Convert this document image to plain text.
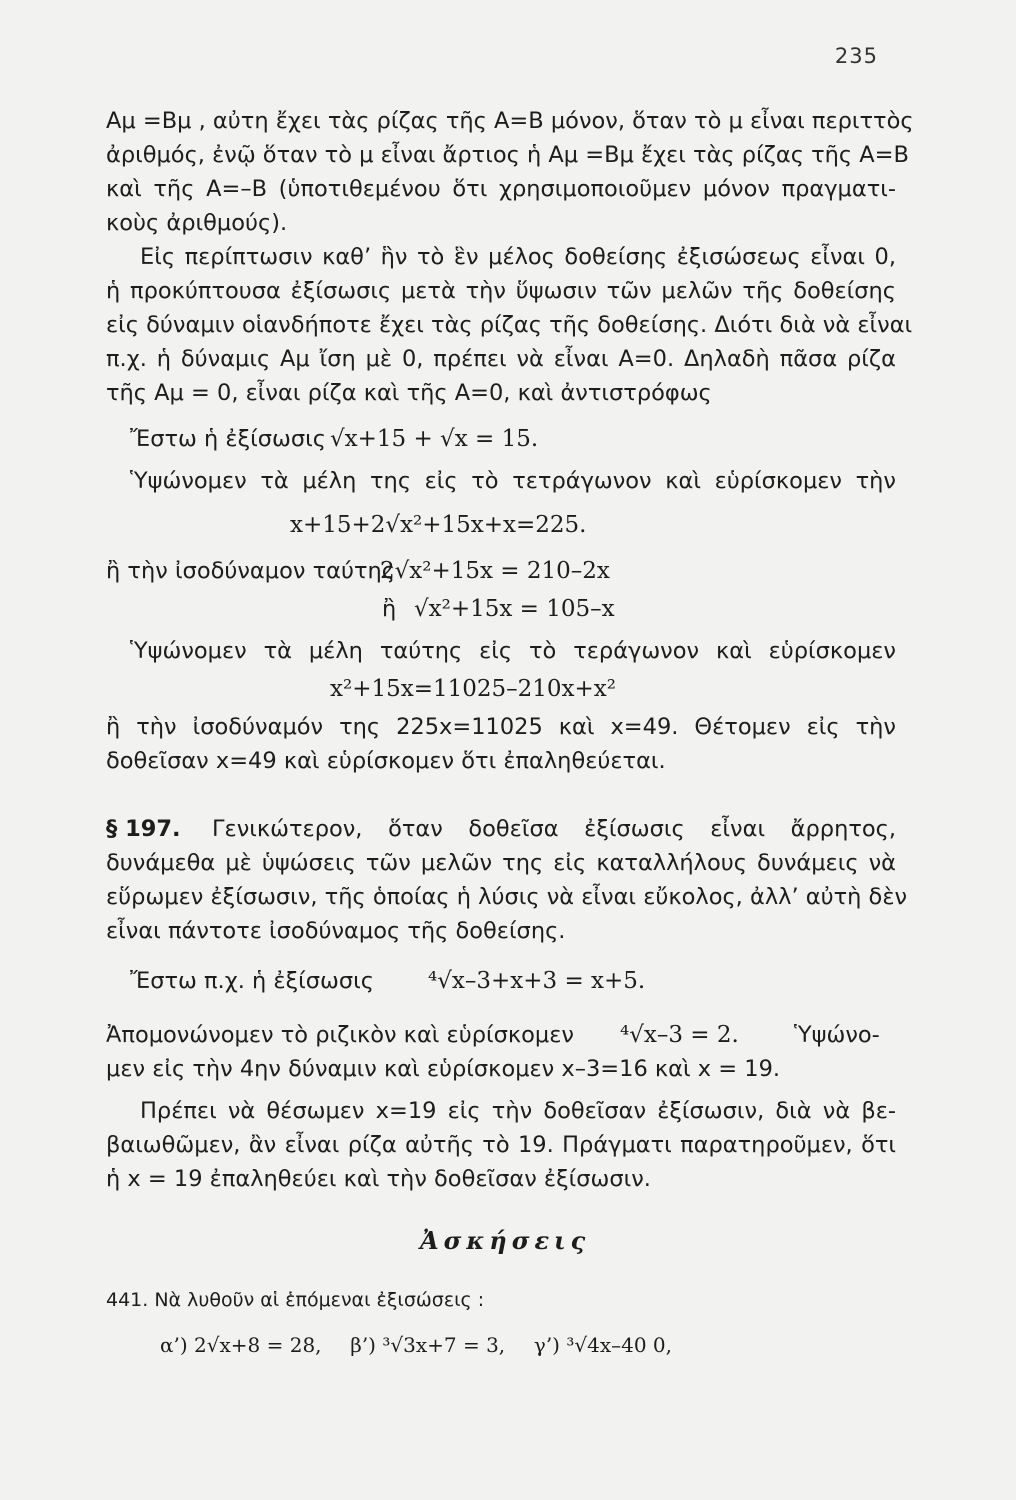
235
Aμ =Bμ , αὐτη ἔχει τὰς ρίζας τῆς A=B μόνον, ὅταν τὸ μ εἶναι περιττὸς
ἀριθμός, ἐνῷ ὅταν τὸ μ εἶναι ἄρτιος ἡ Aμ =Bμ ἔχει τὰς ρίζας τῆς A=B
καὶ τῆς A=–B (ὑποτιθεμένου ὅτι χρησιμοποιοῦμεν μόνον πραγματι-
κοὺς ἀριθμούς).
Εἰς περίπτωσιν καθ’ ἣν τὸ ἓν μέλος δοθείσης ἐξισώσεως εἶναι 0,
ἡ προκύπτουσα ἐξίσωσις μετὰ τὴν ὕψωσιν τῶν μελῶν τῆς δοθείσης
εἰς δύναμιν οἱανδήποτε ἔχει τὰς ρίζας τῆς δοθείσης. Διότι διὰ νὰ εἶναι
π.χ. ἡ δύναμις Aμ ἴση μὲ 0, πρέπει νὰ εἶναι A=0. Δηλαδὴ πᾶσα ρίζα
τῆς Aμ = 0, εἶναι ρίζα καὶ τῆς A=0, καὶ ἀντιστρόφως
Ἔστω ἡ ἐξίσωσις √x+15 + √x = 15.
Ὑψώνομεν τὰ μέλη της εἰς τὸ τετράγωνον καὶ εὑρίσκομεν τὴν
x+15+2√x²+15x+x=225.
ἢ τὴν ἰσοδύναμον ταύτης
2√x²+15x = 210–2x
ἢ √x²+15x = 105–x
Ὑψώνομεν τὰ μέλη ταύτης εἰς τὸ τεράγωνον καὶ εὑρίσκομεν
x²+15x=11025–210x+x²
ἢ τὴν ἰσοδύναμόν της 225x=11025 καὶ x=49. Θέτομεν εἰς τὴν
δοθεῖσαν x=49 καὶ εὑρίσκομεν ὅτι ἐπαληθεύεται.
§ 197. Γενικώτερον, ὅταν δοθεῖσα ἐξίσωσις εἶναι ἄρρητος,
δυνάμεθα μὲ ὑψώσεις τῶν μελῶν της εἰς καταλλήλους δυνάμεις νὰ
εὕρωμεν ἐξίσωσιν, τῆς ὁποίας ἡ λύσις νὰ εἶναι εὔκολος, ἀλλ’ αὐτὴ δὲν
εἶναι πάντοτε ἰσοδύναμος τῆς δοθείσης.
Ἔστω π.χ. ἡ ἐξίσωσις ⁴√x–3+x+3 = x+5.
Ἀπομονώνομεν τὸ ριζικὸν καὶ εὑρίσκομεν ⁴√x–3 = 2. Ὑψώνο-
μεν εἰς τὴν 4ην δύναμιν καὶ εὑρίσκομεν x–3=16 καὶ x = 19.
Πρέπει νὰ θέσωμεν x=19 εἰς τὴν δοθεῖσαν ἐξίσωσιν, διὰ νὰ βε-
βαιωθῶμεν, ἂν εἶναι ρίζα αὐτῆς τὸ 19. Πράγματι παρατηροῦμεν, ὅτι
ἡ x = 19 ἐπαληθεύει καὶ τὴν δοθεῖσαν ἐξίσωσιν.
Ἀσκήσεις
441. Νὰ λυθοῦν αἱ ἑπόμεναι ἐξισώσεις :
α’) 2√x+8 = 28, β’) ³√3x+7 = 3, γ’) ³√4x–40 0,
